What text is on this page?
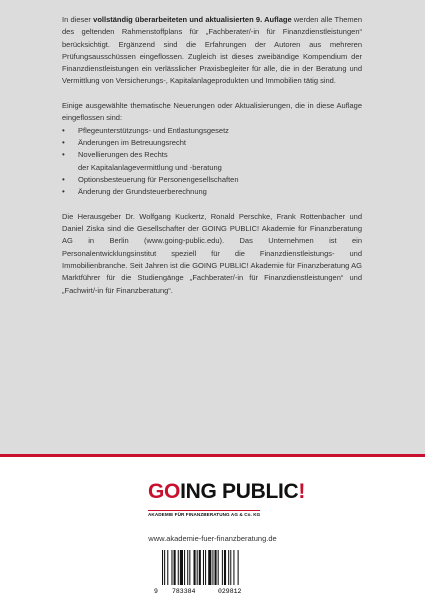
In dieser vollständig überarbeiteten und aktualisierten 9. Auflage werden alle Themen des geltenden Rahmenstoffplans für „Fachberater/-in für Finanzdienstleistungen“ berücksichtigt. Ergänzend sind die Erfahrungen der Autoren aus mehreren Prüfungsausschüssen eingeflossen. Zugleich ist dieses zweibändige Kompendium der Finanzdienstleistungen ein verlässlicher Praxisbegleiter für alle, die in der Beratung und Vermittlung von Versicherungs-, Kapitalanlageprodukten und Immobilien tätig sind.

Einige ausgewählte thematische Neuerungen oder Aktualisierungen, die in diese Auflage eingeflossen sind:

• Pflegeunterstützungs- und Entlastungsgesetz
• Änderungen im Betreuungsrecht
• Novellierungen des Rechts
der Kapitalanlagevermittlung und -beratung
• Optionsbesteuerung für Personengesellschaften
• Änderung der Grundsteuerberechnung

Die Herausgeber Dr. Wolfgang Kuckertz, Ronald Perschke, Frank Rottenbacher und Daniel Ziska sind die Gesellschafter der GOING PUBLIC! Akademie für Finanzberatung AG in Berlin (www.going-public.edu). Das Unternehmen ist ein Personalentwicklungsinstitut speziell für die Finanzdienstleistungs- und Immobilienbranche. Seit Jahren ist die GOING PUBLIC! Akademie für Finanzberatung AG Marktführer für die Studiengänge „Fachberater/-in für Finanzdienstleistungen“ und „Fachwirt/-in für Finanzberatung“.

GOING PUBLIC!
AKADEMIE FÜR FINANZBERATUNG AG & Co. KG
www.akademie-fuer-finanzberatung.de
9 783384	029812
